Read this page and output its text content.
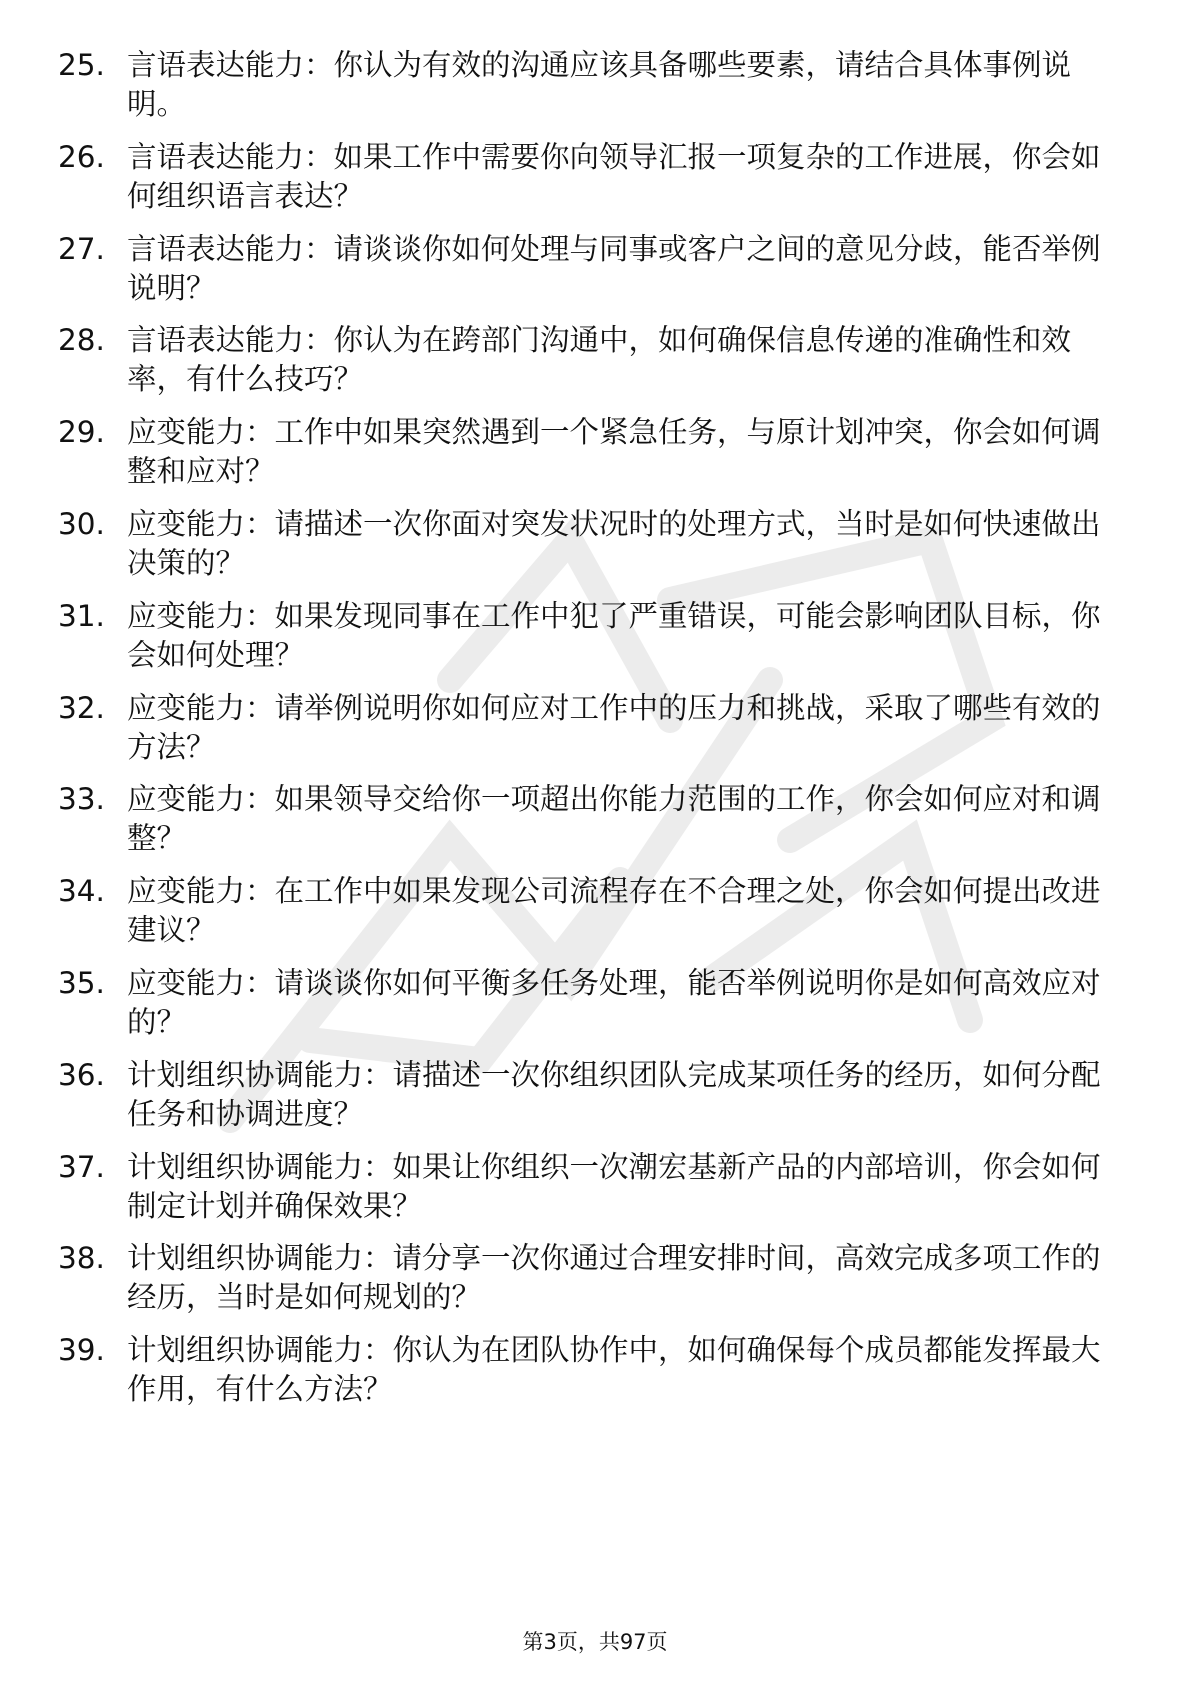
25. 言语表达能力：你认为有效的沟通应该具备哪些要素，请结合具体事例说明。
26. 言语表达能力：如果工作中需要你向领导汇报一项复杂的工作进展，你会如何组织语言表达？
27. 言语表达能力：请谈谈你如何处理与同事或客户之间的意见分歧，能否举例说明？
28. 言语表达能力：你认为在跨部门沟通中，如何确保信息传递的准确性和效率，有什么技巧？
29. 应变能力：工作中如果突然遇到一个紧急任务，与原计划冲突，你会如何调整和应对？
30. 应变能力：请描述一次你面对突发状况时的处理方式，当时是如何快速做出决策的？
31. 应变能力：如果发现同事在工作中犯了严重错误，可能会影响团队目标，你会如何处理？
32. 应变能力：请举例说明你如何应对工作中的压力和挑战，采取了哪些有效的方法？
33. 应变能力：如果领导交给你一项超出你能力范围的工作，你会如何应对和调整？
34. 应变能力：在工作中如果发现公司流程存在不合理之处，你会如何提出改进建议？
35. 应变能力：请谈谈你如何平衡多任务处理，能否举例说明你是如何高效应对的？
36. 计划组织协调能力：请描述一次你组织团队完成某项任务的经历，如何分配任务和协调进度？
37. 计划组织协调能力：如果让你组织一次潮宏基新产品的内部培训，你会如何制定计划并确保效果？
38. 计划组织协调能力：请分享一次你通过合理安排时间，高效完成多项工作的经历，当时是如何规划的？
39. 计划组织协调能力：你认为在团队协作中，如何确保每个成员都能发挥最大作用，有什么方法？
第3页，共97页
